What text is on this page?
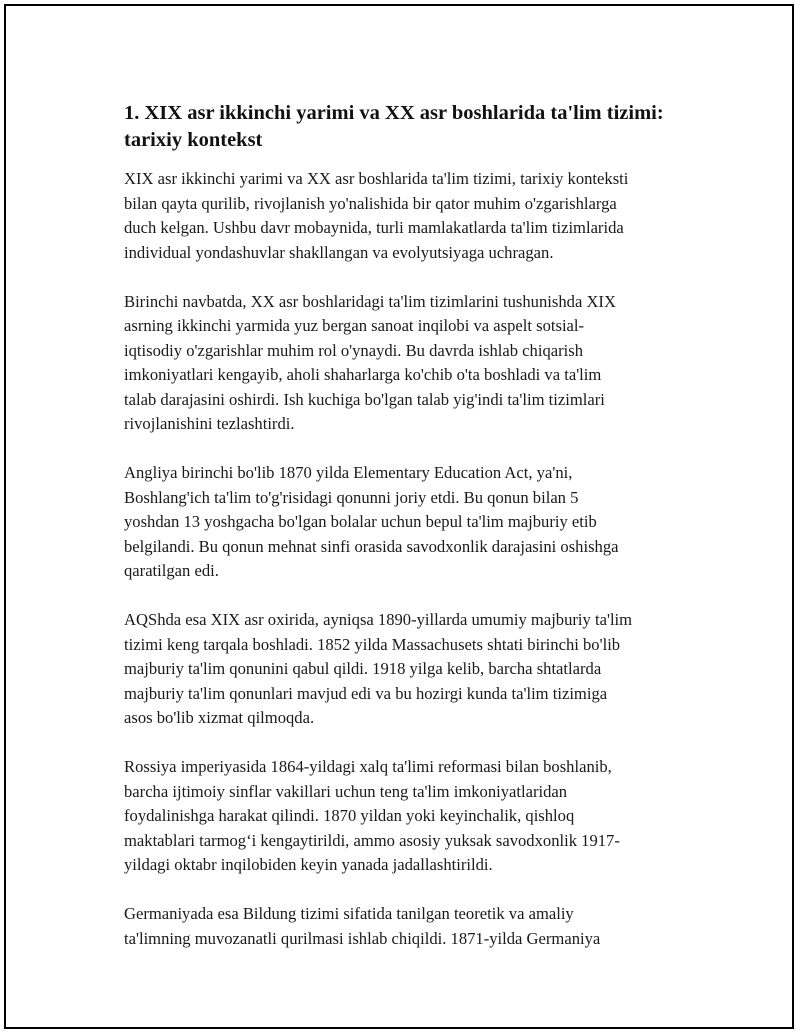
1. XIX asr ikkinchi yarimi va XX asr boshlarida ta'lim tizimi:
tarixiy kontekst
XIX asr ikkinchi yarimi va XX asr boshlarida ta'lim tizimi, tarixiy konteksti
bilan qayta qurilib, rivojlanish yo'nalishida bir qator muhim o'zgarishlarga
duch kelgan. Ushbu davr mobaynida, turli mamlakatlarda ta'lim tizimlarida
individual yondashuvlar shakllangan va evolyutsiyaga uchragan.
Birinchi navbatda, XX asr boshlaridagi ta'lim tizimlarini tushunishda XIX
asrning ikkinchi yarmida yuz bergan sanoat inqilobi va aspelt sotsial-
iqtisodiy o'zgarishlar muhim rol o'ynaydi. Bu davrda ishlab chiqarish
imkoniyatlari kengayib, aholi shaharlarga ko'chib o'ta boshladi va ta'lim
talab darajasini oshirdi. Ish kuchiga bo'lgan talab yig'indi ta'lim tizimlari
rivojlanishini tezlashtirdi.
Angliya birinchi bo'lib 1870 yilda Elementary Education Act, ya'ni,
Boshlang'ich ta'lim to'g'risidagi qonunni joriy etdi. Bu qonun bilan 5
yoshdan 13 yoshgacha bo'lgan bolalar uchun bepul ta'lim majburiy etib
belgilandi. Bu qonun mehnat sinfi orasida savodxonlik darajasini oshishga
qaratilgan edi.
AQShda esa XIX asr oxirida, ayniqsa 1890-yillarda umumiy majburiy ta'lim
tizimi keng tarqala boshladi. 1852 yilda Massachusets shtati birinchi bo'lib
majburiy ta'lim qonunini qabul qildi. 1918 yilga kelib, barcha shtatlarda
majburiy ta'lim qonunlari mavjud edi va bu hozirgi kunda ta'lim tizimiga
asos bo'lib xizmat qilmoqda.
Rossiya imperiyasida 1864-yildagi xalq ta'limi reformasi bilan boshlanib,
barcha ijtimoiy sinflar vakillari uchun teng ta'lim imkoniyatlaridan
foydalinishga harakat qilindi. 1870 yildan yoki keyinchalik, qishloq
maktablari tarmog‘i kengaytirildi, ammo asosiy yuksak savodxonlik 1917-
yildagi oktabr inqilobiden keyin yanada jadallashtirildi.
Germaniyada esa Bildung tizimi sifatida tanilgan teoretik va amaliy
ta'limning muvozanatli qurilmasi ishlab chiqildi. 1871-yilda Germaniya
